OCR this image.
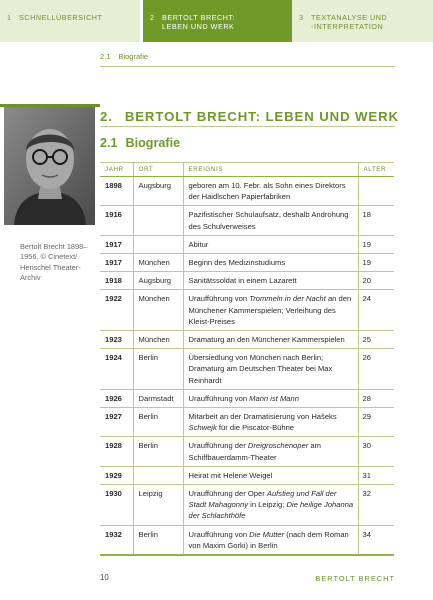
1 SCHNELLÜBERSICHT	2 BERTOLT BRECHT:
LEBEN UND WERK
3 TEXTANALYSE UND
-INTERPRETATION
2.1 Biografie
Bertolt Brecht 1898–1956, © Cinetext/ Henschel Theater-Archiv
2. BERTOLT BRECHT: LEBEN UND WERK
2.1 Biografie
JAHR	ORT	EREIGNIS	ALTER
1898	Augsburg	geboren am 10. Febr. als Sohn eines Direktors der Haidlschen Papierfabriken	
1916		Pazifistischer Schulaufsatz, deshalb Androhung des Schulverweises	18
1917		Abitur	19
1917	München	Beginn des Medizinstudiums	19
1918	Augsburg	Sanitätssoldat in einem Lazarett	20
1922	München	Uraufführung von Trommeln in der Nacht an den Münchener Kammerspielen; Verleihung des Kleist-Preises	24
1923	München	Dramaturg an den Münchener Kammerspielen	25
1924	Berlin	Übersiedlung von München nach Berlin; Dramaturg am Deutschen Theater bei Max Reinhardt	26
1926	Darmstadt	Uraufführung von Mann ist Mann	28
1927	Berlin	Mitarbeit an der Dramatisierung von Hašeks Schwejk für die Piscator-Bühne	29
1928	Berlin	Uraufführung der Dreigroschenoper am Schiffbauerdamm-Theater	30
1929		Heirat mit Helene Weigel	31
1930	Leipzig	Uraufführung der Oper Aufstieg und Fall der Stadt Mahagonny in Leipzig; Die heilige Johanna der Schlachthöfe	32
1932	Berlin	Uraufführung von Die Mutter (nach dem Roman von Maxim Gorki) in Berlin	34
10	BERTOLT BRECHT
